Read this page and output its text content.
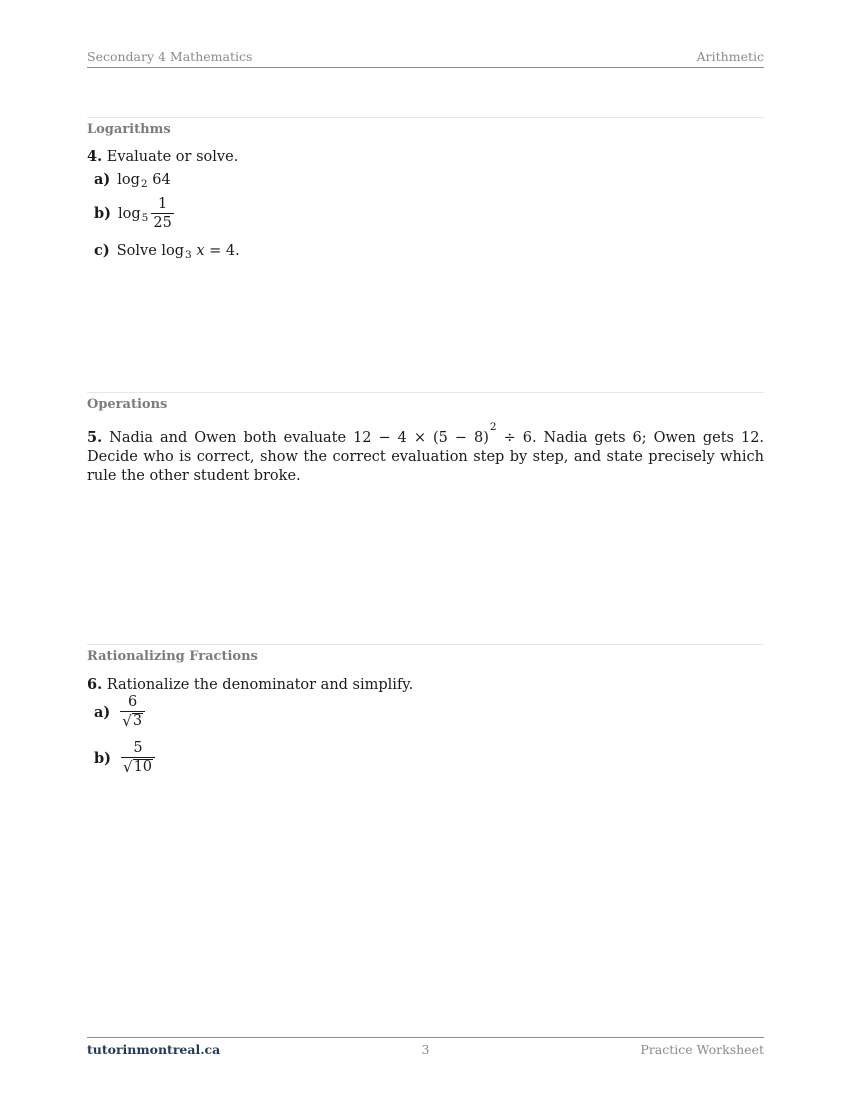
Secondary 4 Mathematics	Arithmetic
Logarithms
4. Evaluate or solve.
a) log 2
64
b) $\log 5 \frac{1}{25}$
c) Solve
log 3
x
= 4.
Operations
5. Nadia and Owen both evaluate $12 - 4 \times (5 - 8)^2 \div 6$. Nadia gets 6; Owen gets 12. Decide who is correct, show the correct evaluation step by step, and state precisely which rule the other student broke.
Rationalizing Fractions
6. Rationalize the denominator and simplify.
$a) \frac{6}{√ 3}$
$b) \frac{5}{√ 10}$
tutorinmontreal.ca	3	Practice Worksheet
